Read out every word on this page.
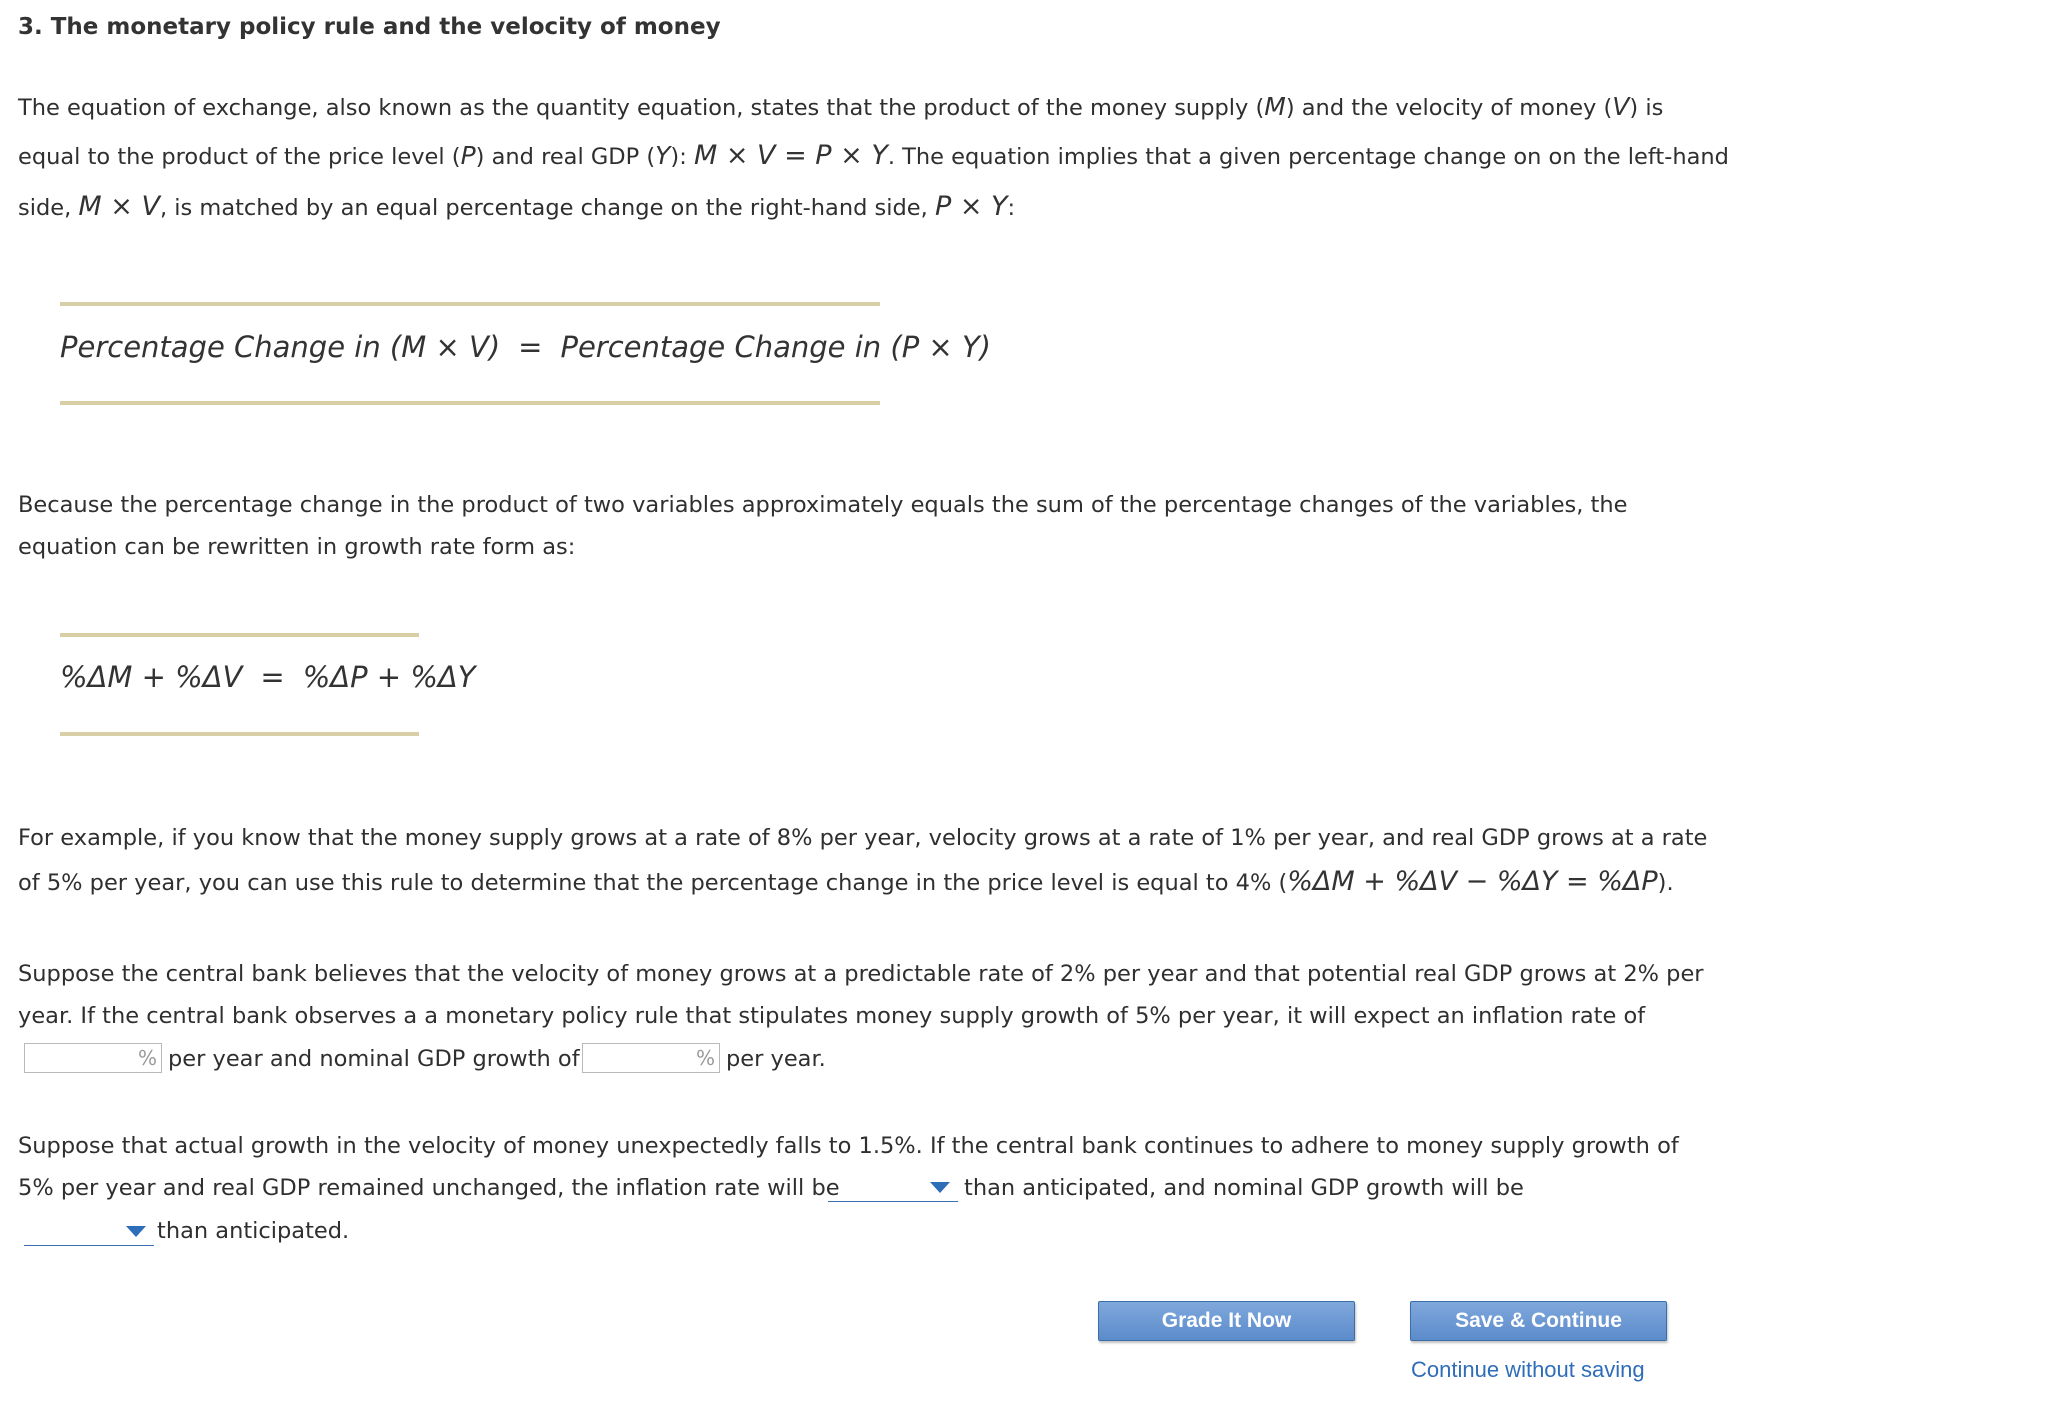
3. The monetary policy rule and the velocity of money
The equation of exchange, also known as the quantity equation, states that the product of the money supply (M) and the velocity of money (V) is
equal to the product of the price level (P) and real GDP (Y): M × V = P × Y. The equation implies that a given percentage change on on the left-hand
side, M × V, is matched by an equal percentage change on the right-hand side, P × Y:
Percentage Change in (M × V) = Percentage Change in (P × Y)
Because the percentage change in the product of two variables approximately equals the sum of the percentage changes of the variables, the
equation can be rewritten in growth rate form as:
%ΔM + %ΔV = %ΔP + %ΔY
For example, if you know that the money supply grows at a rate of 8% per year, velocity grows at a rate of 1% per year, and real GDP grows at a rate
of 5% per year, you can use this rule to determine that the percentage change in the price level is equal to 4% (%ΔM + %ΔV − %ΔY = %ΔP).
Suppose the central bank believes that the velocity of money grows at a predictable rate of 2% per year and that potential real GDP grows at 2% per
year. If the central bank observes a a monetary policy rule that stipulates money supply growth of 5% per year, it will expect an inflation rate of
% per year and nominal GDP growth of	% per year.
Suppose that actual growth in the velocity of money unexpectedly falls to 1.5%. If the central bank continues to adhere to money supply growth of
5% per year and real GDP remained unchanged, the inflation rate will be	than anticipated, and nominal GDP growth will be
than anticipated.
Grade It Now	Save & Continue
Continue without saving
